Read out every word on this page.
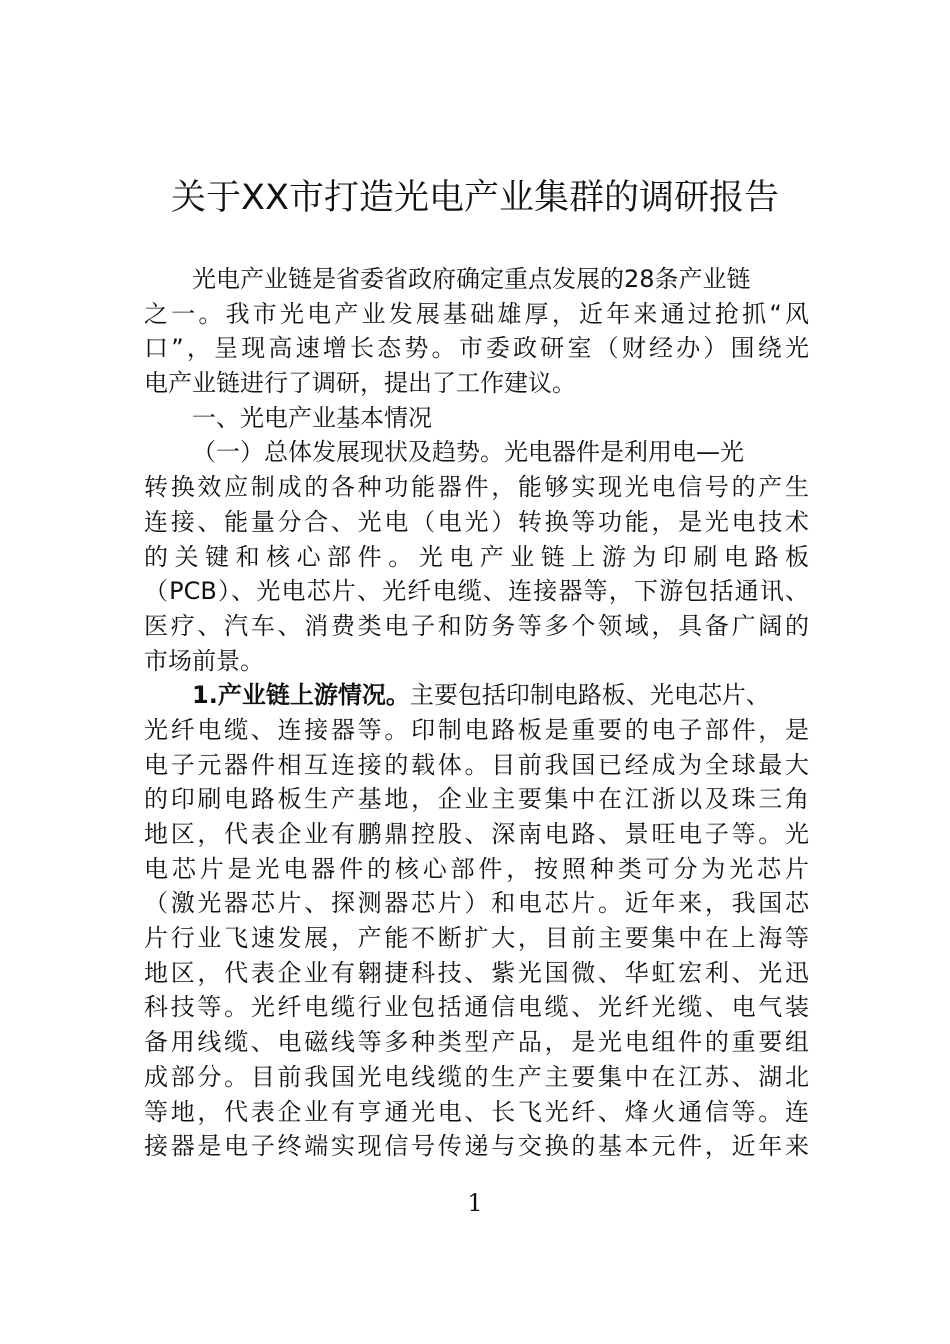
关于XX市打造光电产业集群的调研报告
光电产业链是省委省政府确定重点发展的28条产业链
之一。我市光电产业发展基础雄厚，近年来通过抢抓“风
口”，呈现高速增长态势。市委政研室（财经办）围绕光
电产业链进行了调研，提出了工作建议。
一、光电产业基本情况
（一）总体发展现状及趋势。光电器件是利用电—光
转换效应制成的各种功能器件，能够实现光电信号的产生
连接、能量分合、光电（电光）转换等功能，是光电技术
的关键和核心部件。光电产业链上游为印刷电路板
（PCB）、光电芯片、光纤电缆、连接器等，下游包括通讯、
医疗、汽车、消费类电子和防务等多个领域，具备广阔的
市场前景。
1.产业链上游情况。主要包括印制电路板、光电芯片、
光纤电缆、连接器等。印制电路板是重要的电子部件，是
电子元器件相互连接的载体。目前我国已经成为全球最大
的印刷电路板生产基地，企业主要集中在江浙以及珠三角
地区，代表企业有鹏鼎控股、深南电路、景旺电子等。光
电芯片是光电器件的核心部件，按照种类可分为光芯片
（激光器芯片、探测器芯片）和电芯片。近年来，我国芯
片行业飞速发展，产能不断扩大，目前主要集中在上海等
地区，代表企业有翱捷科技、紫光国微、华虹宏利、光迅
科技等。光纤电缆行业包括通信电缆、光纤光缆、电气装
备用线缆、电磁线等多种类型产品，是光电组件的重要组
成部分。目前我国光电线缆的生产主要集中在江苏、湖北
等地，代表企业有亨通光电、长飞光纤、烽火通信等。连
接器是电子终端实现信号传递与交换的基本元件，近年来
1
